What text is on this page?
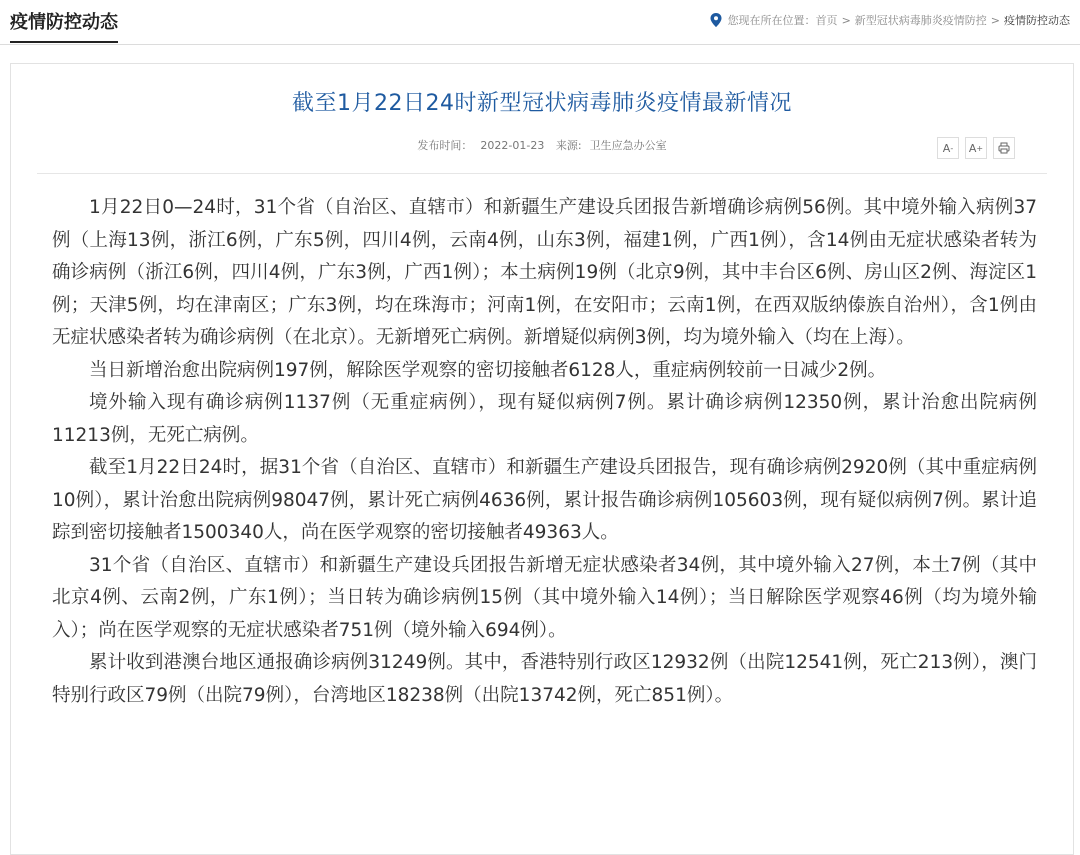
疫情防控动态	您现在所在位置： 首页 > 新型冠状病毒肺炎疫情防控 > 疫情防控动态
截至1月22日24时新型冠状病毒肺炎疫情最新情况
发布时间： 2022-01-23 来源: 卫生应急办公室	A - A +

1月22日0—24时，31个省（自治区、直辖市）和新疆生产建设兵团报告新增确诊病例56例。其中境外输入病例37例（上海13例，浙江6例，广东5例，四川4例，云南4例，山东3例，福建1例，广西1例），含14例由无症状感染者转为确诊病例（浙江6例，四川4例，广东3例，广西1例）；本土病例19例（北京9例，其中丰台区6例、房山区2例、海淀区1例；天津5例，均在津南区；广东3例，均在珠海市；河南1例，在安阳市；云南1例，在西双版纳傣族自治州），含1例由无症状感染者转为确诊病例（在北京）。无新增死亡病例。新增疑似病例3例，均为境外输入（均在上海）。

当日新增治愈出院病例197例，解除医学观察的密切接触者6128人，重症病例较前一日减少2例。

境外输入现有确诊病例1137例（无重症病例），现有疑似病例7例。累计确诊病例12350例，累计治愈出院病例11213例，无死亡病例。

截至1月22日24时，据31个省（自治区、直辖市）和新疆生产建设兵团报告，现有确诊病例2920例（其中重症病例10例），累计治愈出院病例98047例，累计死亡病例4636例，累计报告确诊病例105603例，现有疑似病例7例。累计追踪到密切接触者1500340人，尚在医学观察的密切接触者49363人。

31个省（自治区、直辖市）和新疆生产建设兵团报告新增无症状感染者34例，其中境外输入27例，本土7例（其中北京4例、云南2例，广东1例）；当日转为确诊病例15例（其中境外输入14例）；当日解除医学观察46例（均为境外输入）；尚在医学观察的无症状感染者751例（境外输入694例）。

累计收到港澳台地区通报确诊病例31249例。其中，香港特别行政区12932例（出院12541例，死亡213例），澳门特别行政区79例（出院79例），台湾地区18238例（出院13742例，死亡851例）。
